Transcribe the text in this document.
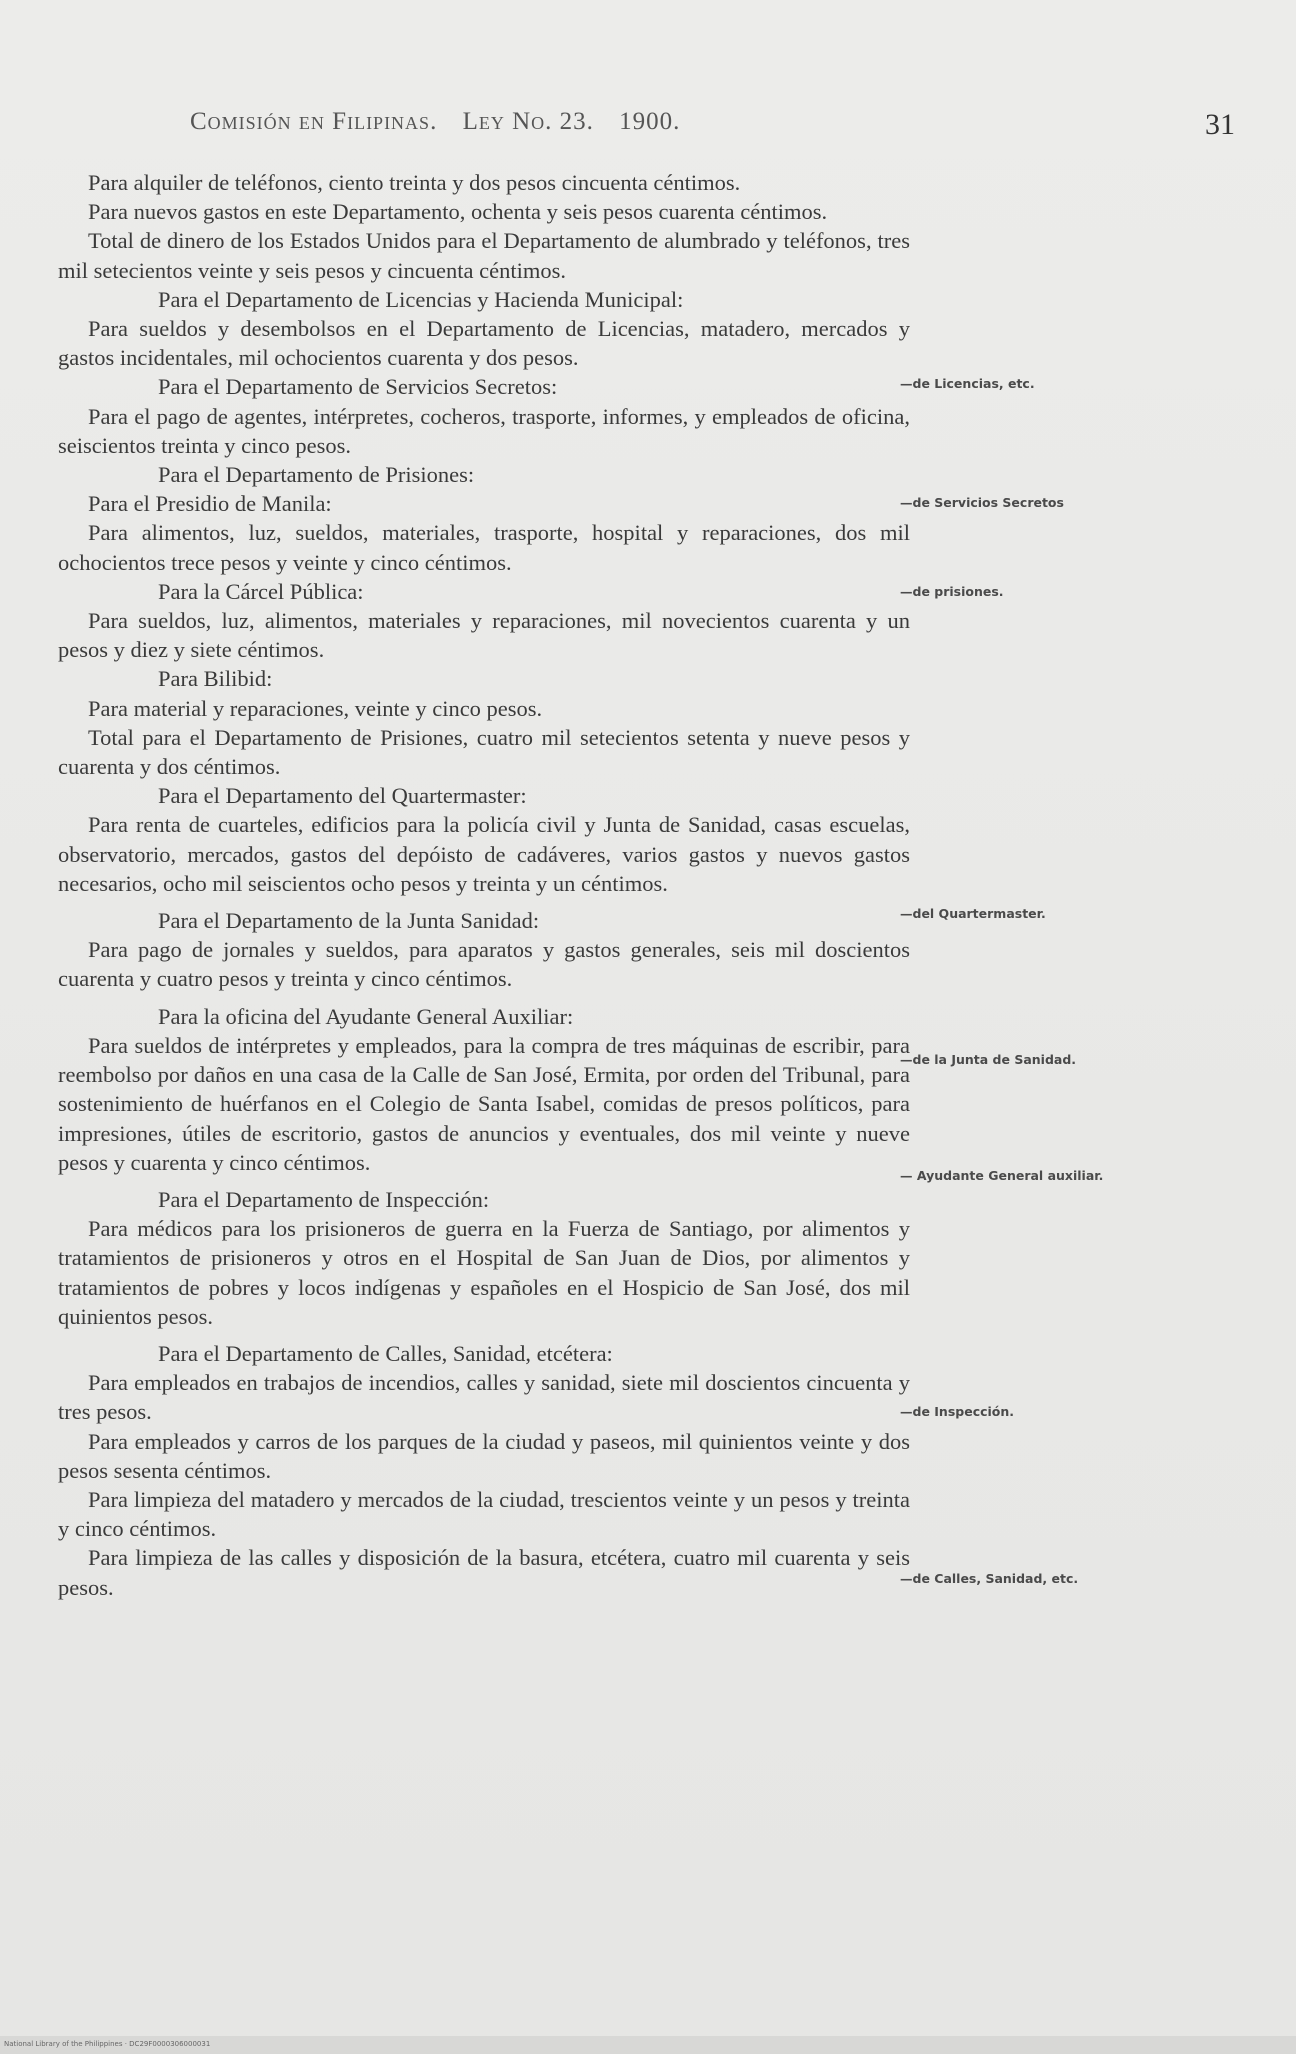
Comisión en Filipinas. Ley No. 23. 1900.	31

Para alquiler de teléfonos, ciento treinta y dos pesos cincuenta céntimos.

Para nuevos gastos en este Departamento, ochenta y seis pesos cuarenta céntimos.

Total de dinero de los Estados Unidos para el Departamento de alumbrado y teléfonos, tres mil setecientos veinte y seis pesos y cincuenta céntimos.

Para el Departamento de Licencias y Hacienda Municipal:

Para sueldos y desembolsos en el Departamento de Licencias, matadero, mercados y gastos incidentales, mil ochocientos cuarenta y dos pesos.

Para el Departamento de Servicios Secretos:

Para el pago de agentes, intérpretes, cocheros, trasporte, informes, y empleados de oficina, seiscientos treinta y cinco pesos.

Para el Departamento de Prisiones:

Para el Presidio de Manila:

Para alimentos, luz, sueldos, materiales, trasporte, hospital y reparaciones, dos mil ochocientos trece pesos y veinte y cinco céntimos.

Para la Cárcel Pública:

Para sueldos, luz, alimentos, materiales y reparaciones, mil novecientos cuarenta y un pesos y diez y siete céntimos.

Para Bilibid:

Para material y reparaciones, veinte y cinco pesos.

Total para el Departamento de Prisiones, cuatro mil setecientos setenta y nueve pesos y cuarenta y dos céntimos.

Para el Departamento del Quartermaster:

Para renta de cuarteles, edificios para la policía civil y Junta de Sanidad, casas escuelas, observatorio, mercados, gastos del depóisto de cadáveres, varios gastos y nuevos gastos necesarios, ocho mil seiscientos ocho pesos y treinta y un céntimos.

Para el Departamento de la Junta Sanidad:

Para pago de jornales y sueldos, para aparatos y gastos generales, seis mil doscientos cuarenta y cuatro pesos y treinta y cinco céntimos.

Para la oficina del Ayudante General Auxiliar:

Para sueldos de intérpretes y empleados, para la compra de tres máquinas de escribir, para reembolso por daños en una casa de la Calle de San José, Ermita, por orden del Tribunal, para sostenimiento de huérfanos en el Colegio de Santa Isabel, comidas de presos políticos, para impresiones, útiles de escritorio, gastos de anuncios y eventuales, dos mil veinte y nueve pesos y cuarenta y cinco céntimos.

Para el Departamento de Inspección:

Para médicos para los prisioneros de guerra en la Fuerza de Santiago, por alimentos y tratamientos de prisioneros y otros en el Hospital de San Juan de Dios, por alimentos y tratamientos de pobres y locos indígenas y españoles en el Hospicio de San José, dos mil quinientos pesos.

Para el Departamento de Calles, Sanidad, etcétera:

Para empleados en trabajos de incendios, calles y sanidad, siete mil doscientos cincuenta y tres pesos.

Para empleados y carros de los parques de la ciudad y paseos, mil quinientos veinte y dos pesos sesenta céntimos.

Para limpieza del matadero y mercados de la ciudad, trescientos veinte y un pesos y treinta y cinco céntimos.

Para limpieza de las calles y disposición de la basura, etcétera, cuatro mil cuarenta y seis pesos.

—de Licencias, etc.
—de Servicios Secretos
—de prisiones.
—del Quartermaster.
—de la Junta de Sanidad.
— Ayudante General auxiliar.
—de Inspección.
—de Calles, Sanidad, etc.
National Library of the Philippines · DC29F0000306000031
